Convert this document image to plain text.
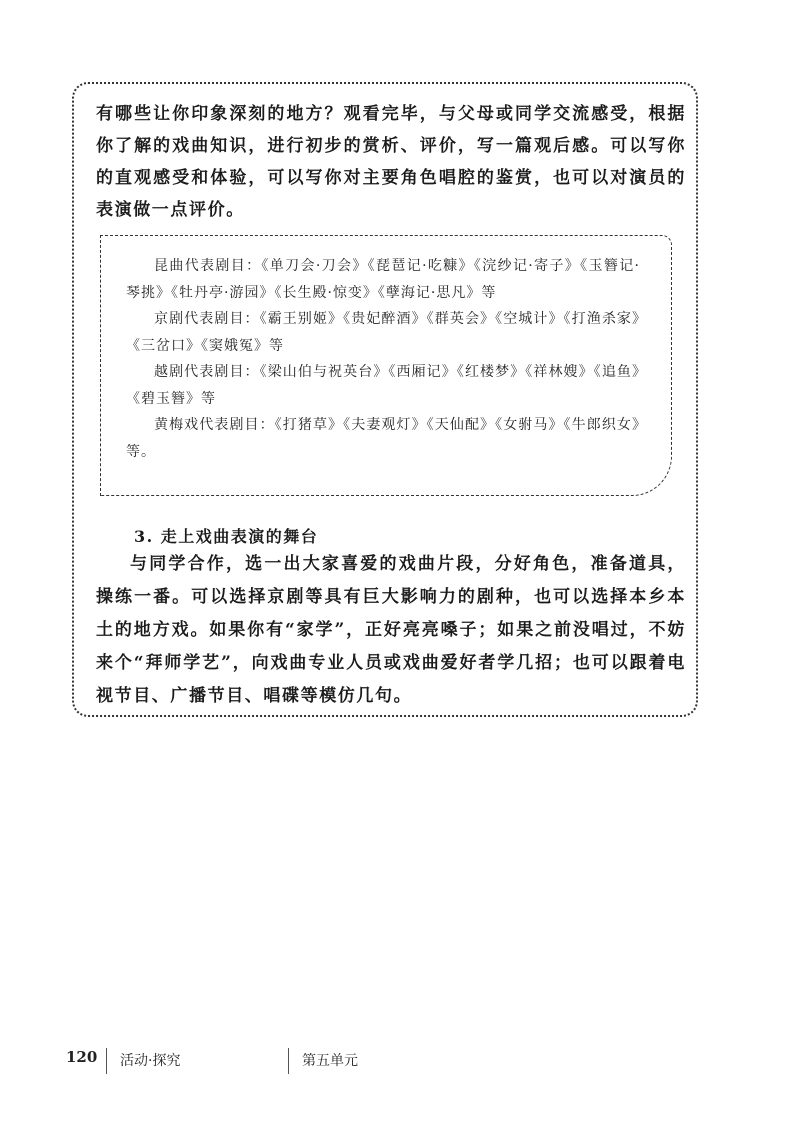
有哪些让你印象深刻的地方？观看完毕，与父母或同学交流感受，根据你了解的戏曲知识，进行初步的赏析、评价，写一篇观后感。可以写你的直观感受和体验，可以写你对主要角色唱腔的鉴赏，也可以对演员的表演做一点评价。

昆曲代表剧目：《单刀会·刀会》《琵琶记·吃糠》《浣纱记·寄子》《玉簪记·琴挑》《牡丹亭·游园》《长生殿·惊变》《孽海记·思凡》等
京剧代表剧目：《霸王别姬》《贵妃醉酒》《群英会》《空城计》《打渔杀家》《三岔口》《窦娥冤》等
越剧代表剧目：《梁山伯与祝英台》《西厢记》《红楼梦》《祥林嫂》《追鱼》《碧玉簪》等
黄梅戏代表剧目：《打猪草》《夫妻观灯》《天仙配》《女驸马》《牛郎织女》等。
3. 走上戏曲表演的舞台

与同学合作，选一出大家喜爱的戏曲片段，分好角色，准备道具，操练一番。可以选择京剧等具有巨大影响力的剧种，也可以选择本乡本土的地方戏。如果你有“家学”，正好亮亮嗓子；如果之前没唱过，不妨来个“拜师学艺”，向戏曲专业人员或戏曲爱好者学几招；也可以跟着电视节目、广播节目、唱碟等模仿几句。

120 活动·探究	第五单元
